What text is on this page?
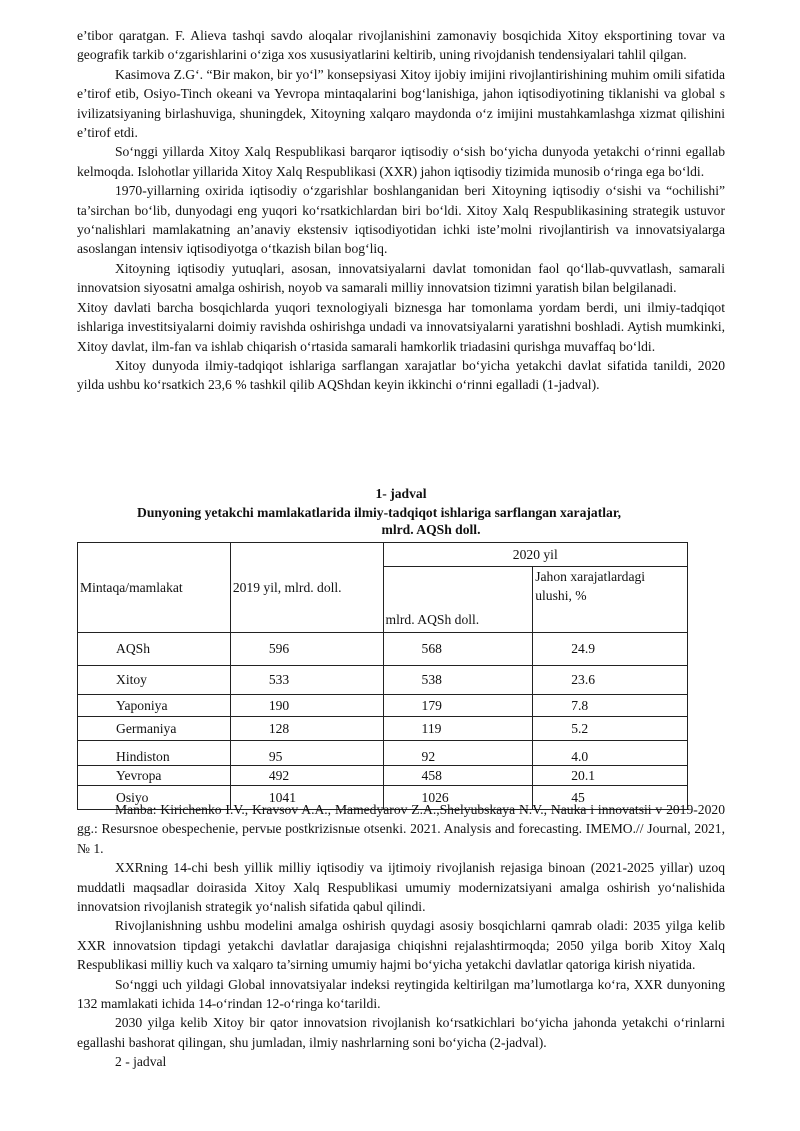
e’tibor qaratgan. F. Alieva tashqi savdo aloqalar rivojlanishini zamonaviy bosqichida Xitoy eksportining tovar va geografik tarkib o‘zgarishlarini o‘ziga xos xususiyatlarini keltirib, uning rivojdanish tendensiyalari tahlil qilgan.

Kasimova Z.G‘. “Bir makon, bir yo‘l” konsepsiyasi Xitoy ijobiy imijini rivojlantirishining muhim omili sifatida e’tirof etib, Osiyo-Tinch okeani va Yevropa mintaqalarini bog‘lanishiga, jahon iqtisodiyotining tiklanishi va global s ivilizatsiyaning birlashuviga, shuningdek, Xitoyning xalqaro maydonda o‘z imijini mustahkamlashga xizmat qilishini e’tirof etdi.

So‘nggi yillarda Xitoy Xalq Respublikasi barqaror iqtisodiy o‘sish bo‘yicha dunyoda yetakchi o‘rinni egallab kelmoqda. Islohotlar yillarida Xitoy Xalq Respublikasi (XXR) jahon iqtisodiy tizimida munosib o‘ringa ega bo‘ldi.

1970-yillarning oxirida iqtisodiy o‘zgarishlar boshlanganidan beri Xitoyning iqtisodiy o‘sishi va “ochilishi” ta’sirchan bo‘lib, dunyodagi eng yuqori ko‘rsatkichlardan biri bo‘ldi. Xitoy Xalq Respublikasining strategik ustuvor yo‘nalishlari mamlakatning an’anaviy ekstensiv iqtisodiyotidan ichki iste’molni rivojlantirish va innovatsiyalarga asoslangan intensiv iqtisodiyotga o‘tkazish bilan bog‘liq.

Xitoyning iqtisodiy yutuqlari, asosan, innovatsiyalarni davlat tomonidan faol qo‘llab-quvvatlash, samarali innovatsion siyosatni amalga oshirish, noyob va samarali milliy innovatsion tizimni yaratish bilan belgilanadi.

Xitoy davlati barcha bosqichlarda yuqori texnologiyali biznesga har tomonlama yordam berdi, uni ilmiy-tadqiqot ishlariga investitsiyalarni doimiy ravishda oshirishga undadi va innovatsiyalarni yaratishni boshladi. Aytish mumkinki, Xitoy davlat, ilm-fan va ishlab chiqarish o‘rtasida samarali hamkorlik triadasini qurishga muvaffaq bo‘ldi.

Xitoy dunyoda ilmiy-tadqiqot ishlariga sarflangan xarajatlar bo‘yicha yetakchi davlat sifatida tanildi, 2020 yilda ushbu ko‘rsatkich 23,6 % tashkil qilib AQShdan keyin ikkinchi o‘rinni egalladi (1-jadval).

1- jadval
Dunyoning yetakchi mamlakatlarida ilmiy-tadqiqot ishlariga sarflangan xarajatlar,
mlrd. AQSh doll.
Mintaqa/mamlakat	2019 yil, mlrd. doll.	2020 yil	
		mlrd. AQSh doll.	Jahon xarajatlardagi ulushi, %
AQSh	596	568	24.9
Xitoy	533	538	23.6
Yaponiya	190	179	7.8
Germaniya	128	119	5.2
Hindiston	95	92	4.0
Yevropa	492	458	20.1
Osiyo	1041	1026	45

Manba: Kirichenko I.V., Kravsov A.A., Mamedyarov Z.A.,Shelyubskaya N.V., Nauka i innovatsii v 2019-2020 gg.: Resursnoe obespechenie, реrvые роstkrizisnые оtsenki. 2021. Analysis and forecasting. IMEMO.// Journal, 2021, № 1.

XXRning 14-chi besh yillik milliy iqtisodiy va ijtimoiy rivojlanish rejasiga binoan (2021-2025 yillar) uzoq muddatli maqsadlar doirasida Xitoy Xalq Respublikasi umumiy modernizatsiyani amalga oshirish yo‘nalishida innovatsion rivojlanish strategik yo‘nalish sifatida qabul qilindi.

Rivojlanishning ushbu modelini amalga oshirish quydagi asosiy bosqichlarni qamrab oladi: 2035 yilga kelib XXR innovatsion tipdagi yetakchi davlatlar darajasiga chiqishni rejalashtirmoqda; 2050 yilga borib Xitoy Xalq Respublikasi milliy kuch va xalqaro ta’sirning umumiy hajmi bo‘yicha yetakchi davlatlar qatoriga kirish niyatida.

So‘nggi uch yildagi Global innovatsiyalar indeksi reytingida keltirilgan ma’lumotlarga ko‘ra, XXR dunyoning 132 mamlakati ichida 14-o‘rindan 12-o‘ringa ko‘tarildi.

2030 yilga kelib Xitoy bir qator innovatsion rivojlanish ko‘rsatkichlari bo‘yicha jahonda yetakchi o‘rinlarni egallashi bashorat qilingan, shu jumladan, ilmiy nashrlarning soni bo‘yicha (2-jadval).

2 - jadval
